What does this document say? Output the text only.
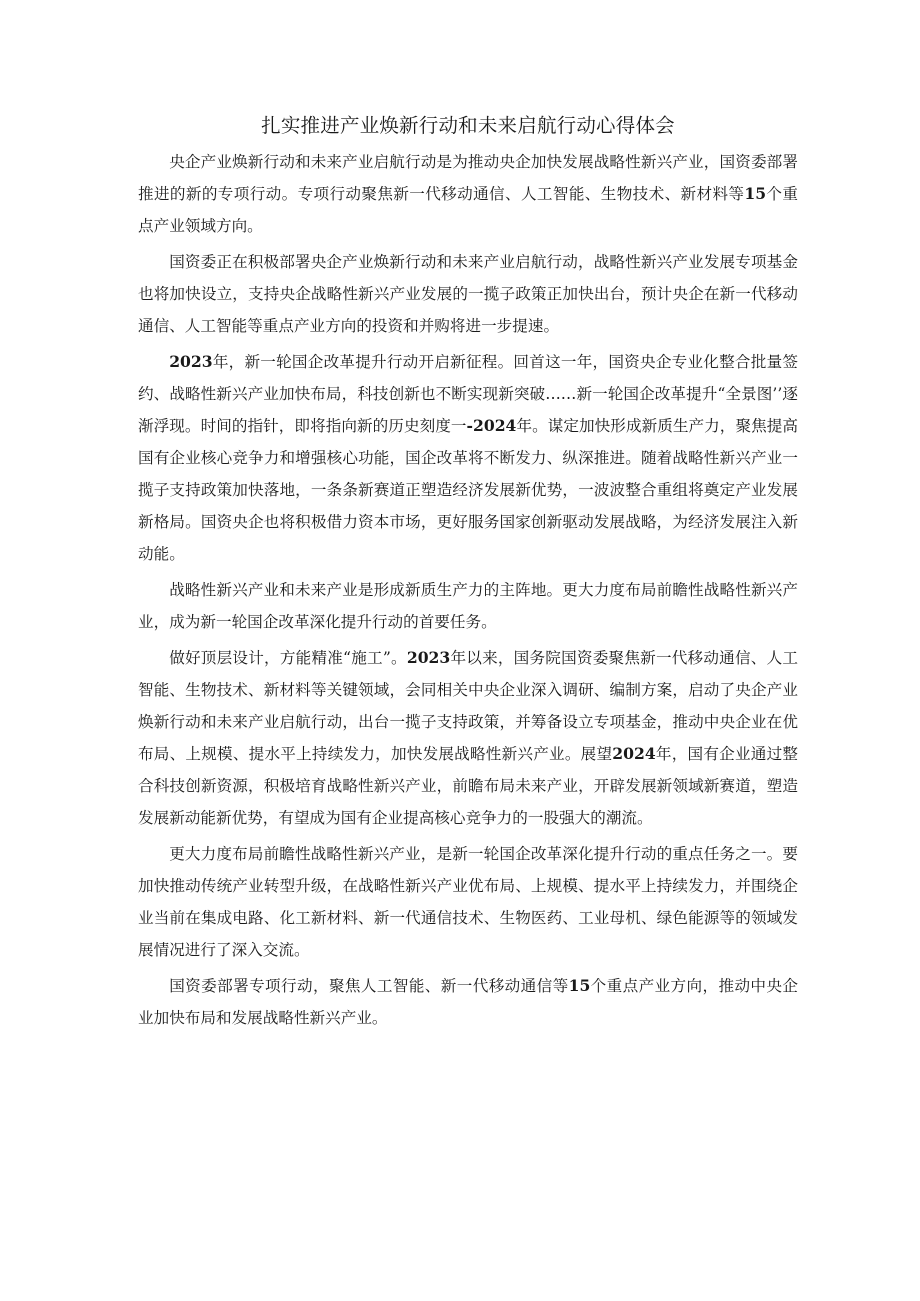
扎实推进产业焕新行动和未来启航行动心得体会

央企产业焕新行动和未来产业启航行动是为推动央企加快发展战略性新兴产业，国资委部署推进的新的专项行动。专项行动聚焦新一代移动通信、人工智能、生物技术、新材料等15个重点产业领域方向。

国资委正在积极部署央企产业焕新行动和未来产业启航行动，战略性新兴产业发展专项基金也将加快设立，支持央企战略性新兴产业发展的一揽子政策正加快出台，预计央企在新一代移动通信、人工智能等重点产业方向的投资和并购将进一步提速。

2023年，新一轮国企改革提升行动开启新征程。回首这一年，国资央企专业化整合批量签约、战略性新兴产业加快布局，科技创新也不断实现新突破……新一轮国企改革提升“全景图’’逐渐浮现。时间的指针，即将指向新的历史刻度一-2024年。谋定加快形成新质生产力，聚焦提高国有企业核心竞争力和增强核心功能，国企改革将不断发力、纵深推进。随着战略性新兴产业一揽子支持政策加快落地，一条条新赛道正塑造经济发展新优势，一波波整合重组将奠定产业发展新格局。国资央企也将积极借力资本市场，更好服务国家创新驱动发展战略，为经济发展注入新动能。

战略性新兴产业和未来产业是形成新质生产力的主阵地。更大力度布局前瞻性战略性新兴产业，成为新一轮国企改革深化提升行动的首要任务。

做好顶层设计，方能精准“施工”。2023年以来，国务院国资委聚焦新一代移动通信、人工智能、生物技术、新材料等关键领域，会同相关中央企业深入调研、编制方案，启动了央企产业焕新行动和未来产业启航行动，出台一揽子支持政策，并筹备设立专项基金，推动中央企业在优布局、上规模、提水平上持续发力，加快发展战略性新兴产业。展望2024年，国有企业通过整合科技创新资源，积极培育战略性新兴产业，前瞻布局未来产业，开辟发展新领域新赛道，塑造发展新动能新优势，有望成为国有企业提高核心竞争力的一股强大的潮流。

更大力度布局前瞻性战略性新兴产业，是新一轮国企改革深化提升行动的重点任务之一。要加快推动传统产业转型升级，在战略性新兴产业优布局、上规模、提水平上持续发力，并围绕企业当前在集成电路、化工新材料、新一代通信技术、生物医药、工业母机、绿色能源等的领域发展情况进行了深入交流。

国资委部署专项行动，聚焦人工智能、新一代移动通信等15个重点产业方向，推动中央企业加快布局和发展战略性新兴产业。
